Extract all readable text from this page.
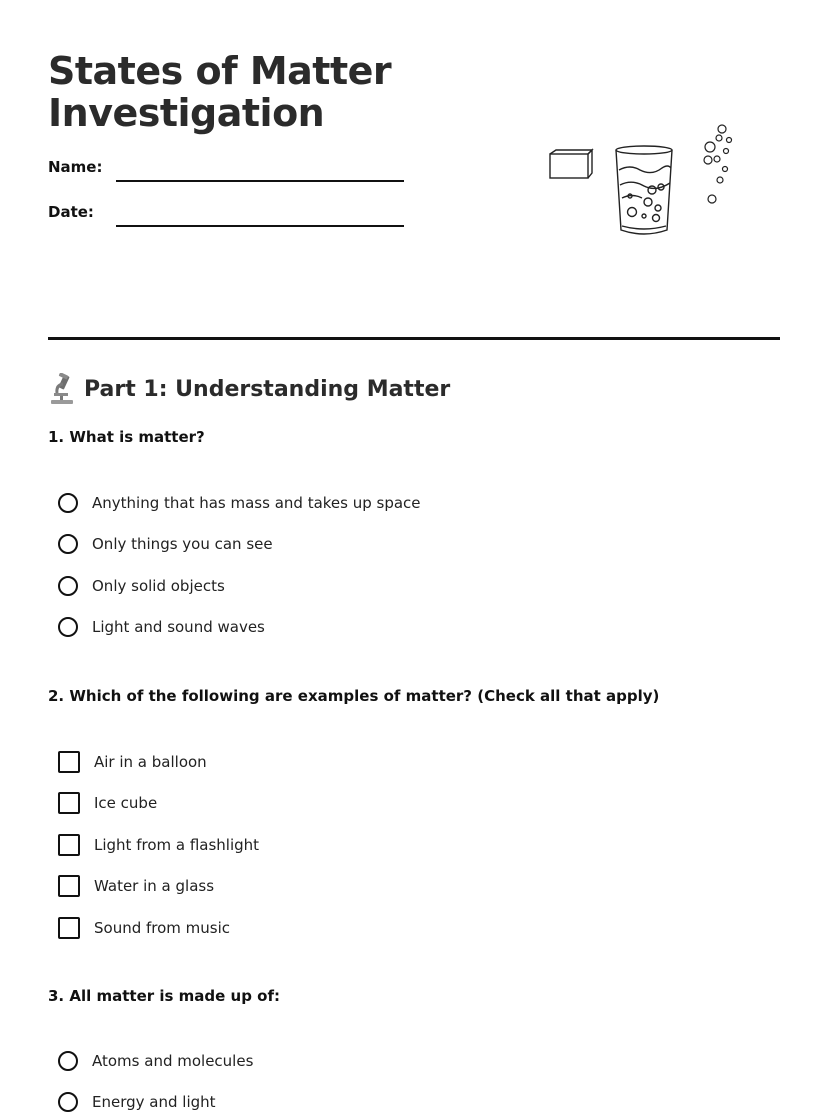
States of Matter
Investigation
Name:
Date:
Part 1: Understanding Matter
1. What is matter?
Anything that has mass and takes up space
Only things you can see
Only solid objects
Light and sound waves
2. Which of the following are examples of matter? (Check all that apply)
Air in a balloon
Ice cube
Light from a flashlight
Water in a glass
Sound from music
3. All matter is made up of:
Atoms and molecules
Energy and light
